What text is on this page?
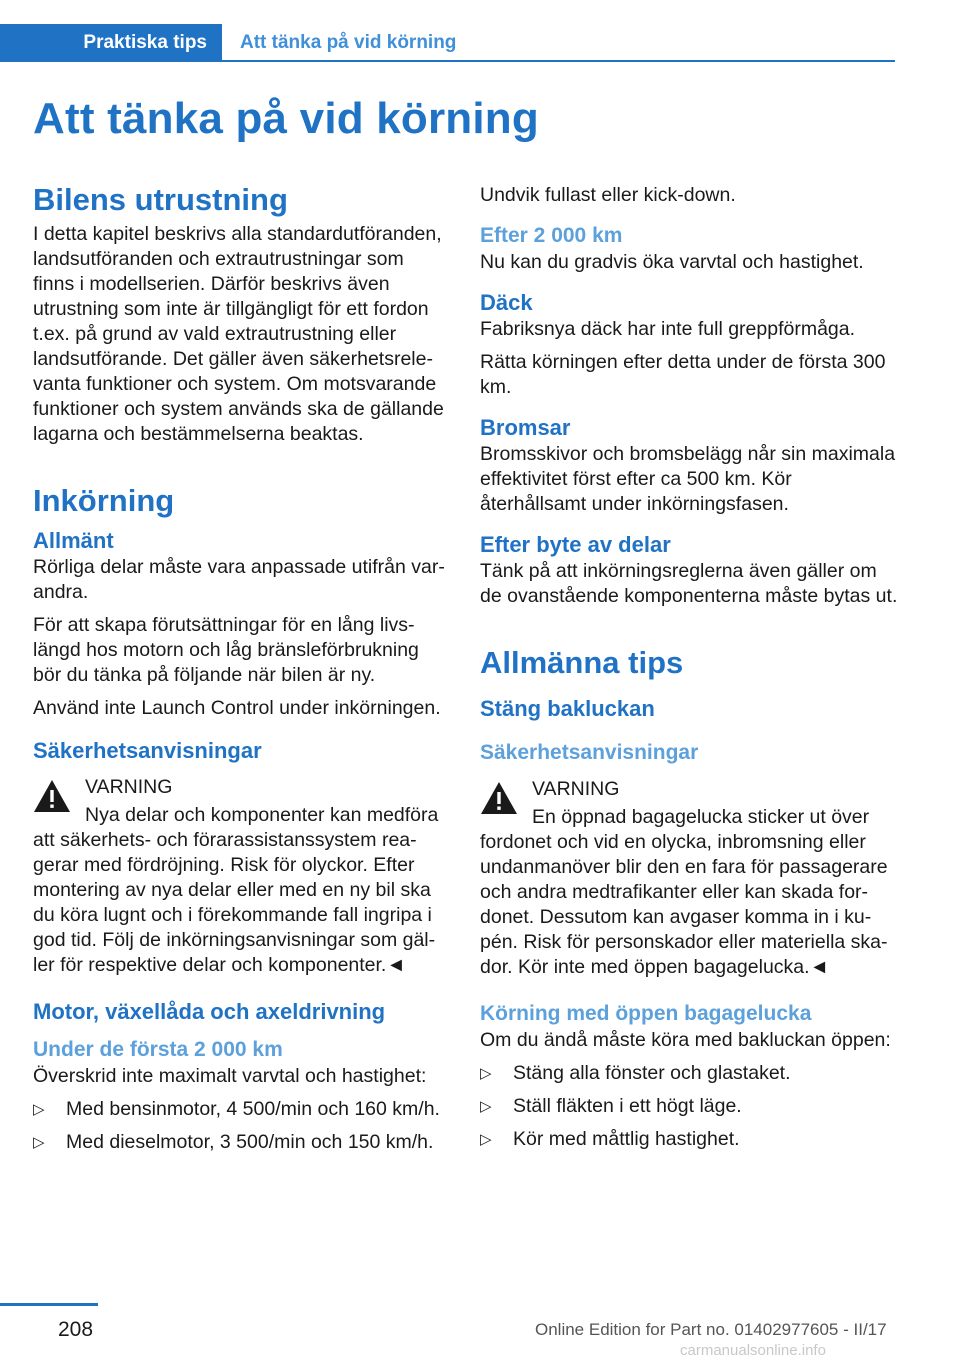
Praktiska tips	Att tänka på vid körning
Att tänka på vid körning
Bilens utrustning

I detta kapitel beskrivs alla standardutföranden, landsutföranden och extrautrustningar som finns i modellserien. Därför beskrivs även utrustning som inte är tillgängligt för ett fordon t.ex. på grund av vald extrautrustning eller landsutförande. Det gäller även säkerhetsrelevanta funktioner och system. Om motsvarande funktioner och system används ska de gällande lagarna och bestämmelserna beaktas.

Inkörning
Allmänt

Rörliga delar måste vara anpassade utifrån varandra.

För att skapa förutsättningar för en lång livslängd hos motorn och låg bränsleförbrukning bör du tänka på följande när bilen är ny.

Använd inte Launch Control under inkörningen.

Säkerhetsanvisningar
VARNING
Nya delar och komponenter kan medföra
att säkerhets- och förarassistanssystem reagerar med fördröjning. Risk för olyckor. Efter montering av nya delar eller med en ny bil ska du köra lugnt och i förekommande fall ingripa i god tid. Följ de inkörningsanvisningar som gäller för respektive delar och komponenter.◄
Motor, växellåda och axeldrivning
Under de första 2 000 km

Överskrid inte maximalt varvtal och hastighet:

▷ Med bensinmotor, 4 500/min och 160 km/h.
▷ Med dieselmotor, 3 500/min och 150 km/h.

Undvik fullast eller kick-down.

Efter 2 000 km

Nu kan du gradvis öka varvtal och hastighet.

Däck

Fabriksnya däck har inte full greppförmåga.

Rätta körningen efter detta under de första 300 km.

Bromsar

Bromsskivor och bromsbelägg når sin maximala effektivitet först efter ca 500 km. Kör återhållsamt under inkörningsfasen.

Efter byte av delar

Tänk på att inkörningsreglerna även gäller om de ovanstående komponenterna måste bytas ut.

Allmänna tips
Stäng bakluckan
Säkerhetsanvisningar
VARNING
En öppnad bagagelucka sticker ut över
fordonet och vid en olycka, inbromsning eller undanmanöver blir den en fara för passagerare och andra medtrafikanter eller kan skada fordonet. Dessutom kan avgaser komma in i kupén. Risk för personskador eller materiella skador. Kör inte med öppen bagagelucka.◄
Körning med öppen bagagelucka

Om du ändå måste köra med bakluckan öppen:

▷ Stäng alla fönster och glastaket.
▷ Ställ fläkten i ett högt läge.
▷ Kör med måttlig hastighet.
208	Online Edition for Part no. 01402977605 - II/17
carmanualsonline.info
